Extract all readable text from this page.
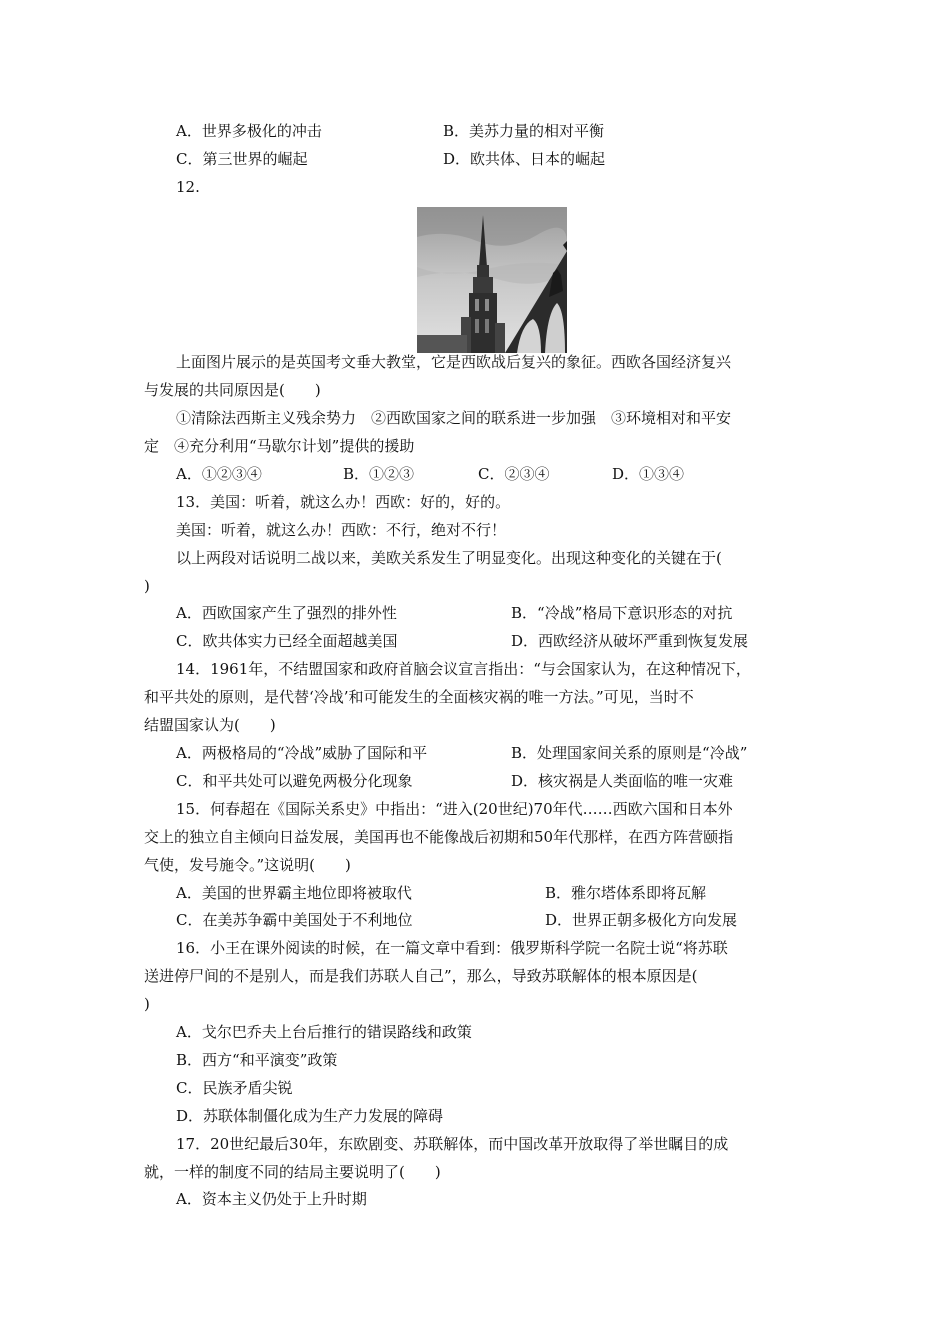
A．世界多极化的冲击	B．美苏力量的相对平衡
C．第三世界的崛起	D．欧共体、日本的崛起
12.
上面图片展示的是英国考文垂大教堂，它是西欧战后复兴的象征。西欧各国经济复兴
与发展的共同原因是(　　)
①清除法西斯主义残余势力　②西欧国家之间的联系进一步加强　③环境相对和平安
定　④充分利用“马歇尔计划”提供的援助
A．①②③④	B．①②③	C．②③④	D．①③④
13．美国：听着，就这么办！西欧：好的，好的。
美国：听着，就这么办！西欧：不行，绝对不行！
以上两段对话说明二战以来，美欧关系发生了明显变化。出现这种变化的关键在于(
)
A．西欧国家产生了强烈的排外性	B．“冷战”格局下意识形态的对抗
C．欧共体实力已经全面超越美国	D．西欧经济从破坏严重到恢复发展
14．1961年，不结盟国家和政府首脑会议宣言指出：“与会国家认为，在这种情况下，
和平共处的原则，是代替‘冷战’和可能发生的全面核灾祸的唯一方法。”可见，当时不
结盟国家认为(　　)
A．两极格局的“冷战”威胁了国际和平	B．处理国家间关系的原则是“冷战”
C．和平共处可以避免两极分化现象	D．核灾祸是人类面临的唯一灾难
15．何春超在《国际关系史》中指出：“进入(20世纪)70年代……西欧六国和日本外
交上的独立自主倾向日益发展，美国再也不能像战后初期和50年代那样，在西方阵营颐指
气使，发号施令。”这说明(　　)
A．美国的世界霸主地位即将被取代	B．雅尔塔体系即将瓦解
C．在美苏争霸中美国处于不利地位	D．世界正朝多极化方向发展
16．小王在课外阅读的时候，在一篇文章中看到：俄罗斯科学院一名院士说“将苏联
送进停尸间的不是别人，而是我们苏联人自己”，那么，导致苏联解体的根本原因是(
)
A．戈尔巴乔夫上台后推行的错误路线和政策
B．西方“和平演变”政策
C．民族矛盾尖锐
D．苏联体制僵化成为生产力发展的障碍
17．20世纪最后30年，东欧剧变、苏联解体，而中国改革开放取得了举世瞩目的成
就，一样的制度不同的结局主要说明了(　　)
A．资本主义仍处于上升时期
